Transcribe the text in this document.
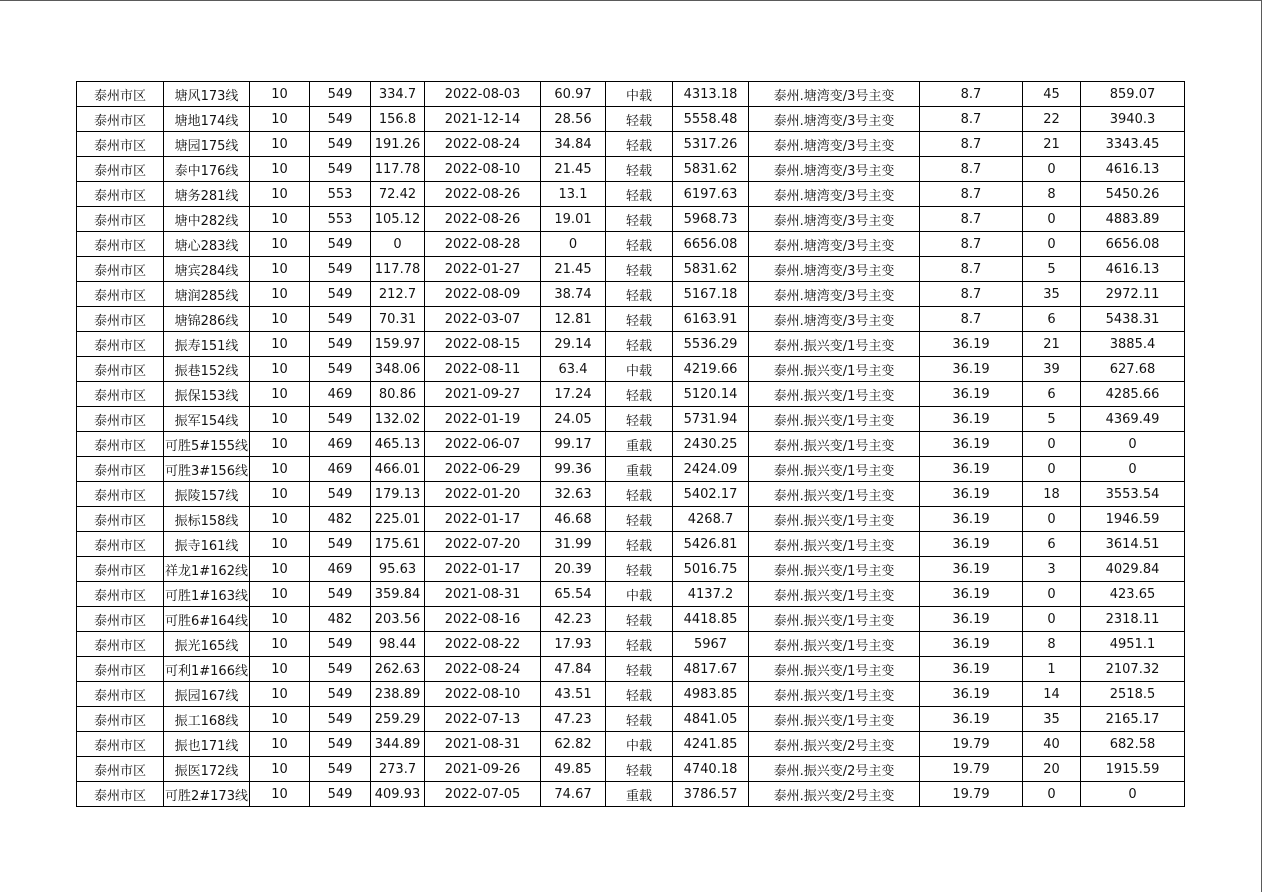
泰州市区	塘风173线	10	549	334.7	2022-08-03	60.97	中载	4313.18	泰州.塘湾变/3号主变	8.7	45	859.07
泰州市区	塘地174线	10	549	156.8	2021-12-14	28.56	轻载	5558.48	泰州.塘湾变/3号主变	8.7	22	3940.3
泰州市区	塘园175线	10	549	191.26	2022-08-24	34.84	轻载	5317.26	泰州.塘湾变/3号主变	8.7	21	3343.45
泰州市区	泰中176线	10	549	117.78	2022-08-10	21.45	轻载	5831.62	泰州.塘湾变/3号主变	8.7	0	4616.13
泰州市区	塘务281线	10	553	72.42	2022-08-26	13.1	轻载	6197.63	泰州.塘湾变/3号主变	8.7	8	5450.26
泰州市区	塘中282线	10	553	105.12	2022-08-26	19.01	轻载	5968.73	泰州.塘湾变/3号主变	8.7	0	4883.89
泰州市区	塘心283线	10	549	0	2022-08-28	0	轻载	6656.08	泰州.塘湾变/3号主变	8.7	0	6656.08
泰州市区	塘宾284线	10	549	117.78	2022-01-27	21.45	轻载	5831.62	泰州.塘湾变/3号主变	8.7	5	4616.13
泰州市区	塘润285线	10	549	212.7	2022-08-09	38.74	轻载	5167.18	泰州.塘湾变/3号主变	8.7	35	2972.11
泰州市区	塘锦286线	10	549	70.31	2022-03-07	12.81	轻载	6163.91	泰州.塘湾变/3号主变	8.7	6	5438.31
泰州市区	振寿151线	10	549	159.97	2022-08-15	29.14	轻载	5536.29	泰州.振兴变/1号主变	36.19	21	3885.4
泰州市区	振巷152线	10	549	348.06	2022-08-11	63.4	中载	4219.66	泰州.振兴变/1号主变	36.19	39	627.68
泰州市区	振保153线	10	469	80.86	2021-09-27	17.24	轻载	5120.14	泰州.振兴变/1号主变	36.19	6	4285.66
泰州市区	振军154线	10	549	132.02	2022-01-19	24.05	轻载	5731.94	泰州.振兴变/1号主变	36.19	5	4369.49
泰州市区	可胜5#155线	10	469	465.13	2022-06-07	99.17	重载	2430.25	泰州.振兴变/1号主变	36.19	0	0
泰州市区	可胜3#156线	10	469	466.01	2022-06-29	99.36	重载	2424.09	泰州.振兴变/1号主变	36.19	0	0
泰州市区	振陵157线	10	549	179.13	2022-01-20	32.63	轻载	5402.17	泰州.振兴变/1号主变	36.19	18	3553.54
泰州市区	振标158线	10	482	225.01	2022-01-17	46.68	轻载	4268.7	泰州.振兴变/1号主变	36.19	0	1946.59
泰州市区	振寺161线	10	549	175.61	2022-07-20	31.99	轻载	5426.81	泰州.振兴变/1号主变	36.19	6	3614.51
泰州市区	祥龙1#162线	10	469	95.63	2022-01-17	20.39	轻载	5016.75	泰州.振兴变/1号主变	36.19	3	4029.84
泰州市区	可胜1#163线	10	549	359.84	2021-08-31	65.54	中载	4137.2	泰州.振兴变/1号主变	36.19	0	423.65
泰州市区	可胜6#164线	10	482	203.56	2022-08-16	42.23	轻载	4418.85	泰州.振兴变/1号主变	36.19	0	2318.11
泰州市区	振光165线	10	549	98.44	2022-08-22	17.93	轻载	5967	泰州.振兴变/1号主变	36.19	8	4951.1
泰州市区	可利1#166线	10	549	262.63	2022-08-24	47.84	轻载	4817.67	泰州.振兴变/1号主变	36.19	1	2107.32
泰州市区	振园167线	10	549	238.89	2022-08-10	43.51	轻载	4983.85	泰州.振兴变/1号主变	36.19	14	2518.5
泰州市区	振工168线	10	549	259.29	2022-07-13	47.23	轻载	4841.05	泰州.振兴变/1号主变	36.19	35	2165.17
泰州市区	振也171线	10	549	344.89	2021-08-31	62.82	中载	4241.85	泰州.振兴变/2号主变	19.79	40	682.58
泰州市区	振医172线	10	549	273.7	2021-09-26	49.85	轻载	4740.18	泰州.振兴变/2号主变	19.79	20	1915.59
泰州市区	可胜2#173线	10	549	409.93	2022-07-05	74.67	重载	3786.57	泰州.振兴变/2号主变	19.79	0	0
